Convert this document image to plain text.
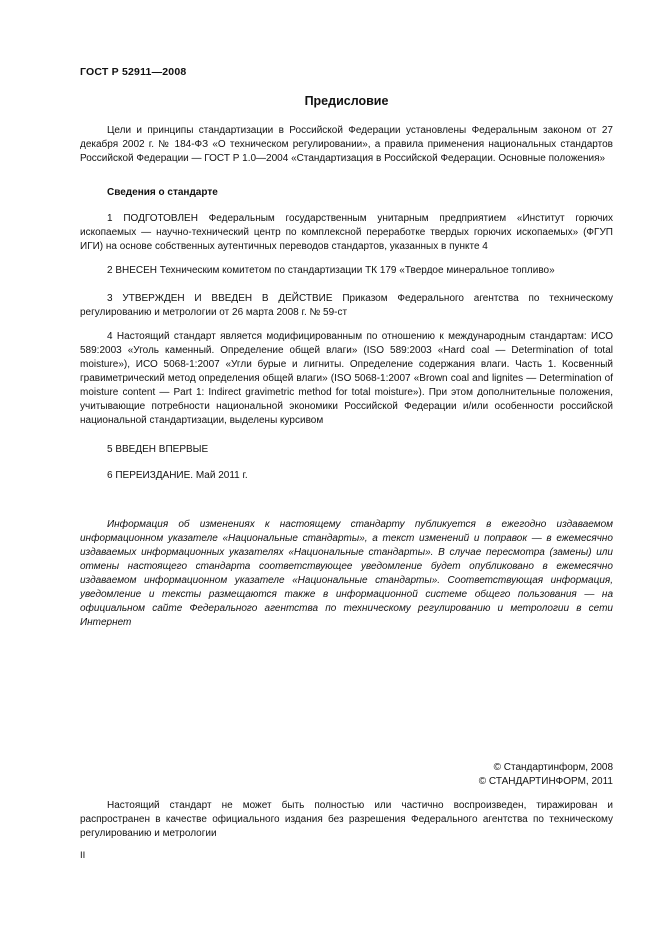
ГОСТ Р 52911—2008
Предисловие
Цели и принципы стандартизации в Российской Федерации установлены Федеральным законом от 27 декабря 2002 г. № 184-ФЗ «О техническом регулировании», а правила применения национальных стандартов Российской Федерации — ГОСТ Р 1.0—2004 «Стандартизация в Российской Федерации. Основные положения»
Сведения о стандарте
1 ПОДГОТОВЛЕН Федеральным государственным унитарным предприятием «Институт горючих ископаемых — научно-технический центр по комплексной переработке твердых горючих ископаемых» (ФГУП ИГИ) на основе собственных аутентичных переводов стандартов, указанных в пункте 4
2 ВНЕСЕН Техническим комитетом по стандартизации ТК 179 «Твердое минеральное топливо»
3 УТВЕРЖДЕН И ВВЕДЕН В ДЕЙСТВИЕ Приказом Федерального агентства по техническому регулированию и метрологии от 26 марта 2008 г. № 59-ст
4 Настоящий стандарт является модифицированным по отношению к международным стандартам: ИСО 589:2003 «Уголь каменный. Определение общей влаги» (ISO 589:2003 «Hard coal — Determination of total moisture»), ИСО 5068-1:2007 «Угли бурые и лигниты. Определение содержания влаги. Часть 1. Косвенный гравиметрический метод определения общей влаги» (ISO 5068-1:2007 «Brown coal and lignites — Determination of moisture content — Part 1: Indirect gravimetric method for total moisture»). При этом дополнительные положения, учитывающие потребности национальной экономики Российской Федерации и/или особенности российской национальной стандартизации, выделены курсивом
5 ВВЕДЕН ВПЕРВЫЕ
6 ПЕРЕИЗДАНИЕ. Май 2011 г.
Информация об изменениях к настоящему стандарту публикуется в ежегодно издаваемом информационном указателе «Национальные стандарты», а текст изменений и поправок — в ежемесячно издаваемых информационных указателях «Национальные стандарты». В случае пересмотра (замены) или отмены настоящего стандарта соответствующее уведомление будет опубликовано в ежемесячно издаваемом информационном указателе «Национальные стандарты». Соответствующая информация, уведомление и тексты размещаются также в информационной системе общего пользования — на официальном сайте Федерального агентства по техническому регулированию и метрологии в сети Интернет
© Стандартинформ, 2008
© СТАНДАРТИНФОРМ, 2011
Настоящий стандарт не может быть полностью или частично воспроизведен, тиражирован и распространен в качестве официального издания без разрешения Федерального агентства по техническому регулированию и метрологии
II
